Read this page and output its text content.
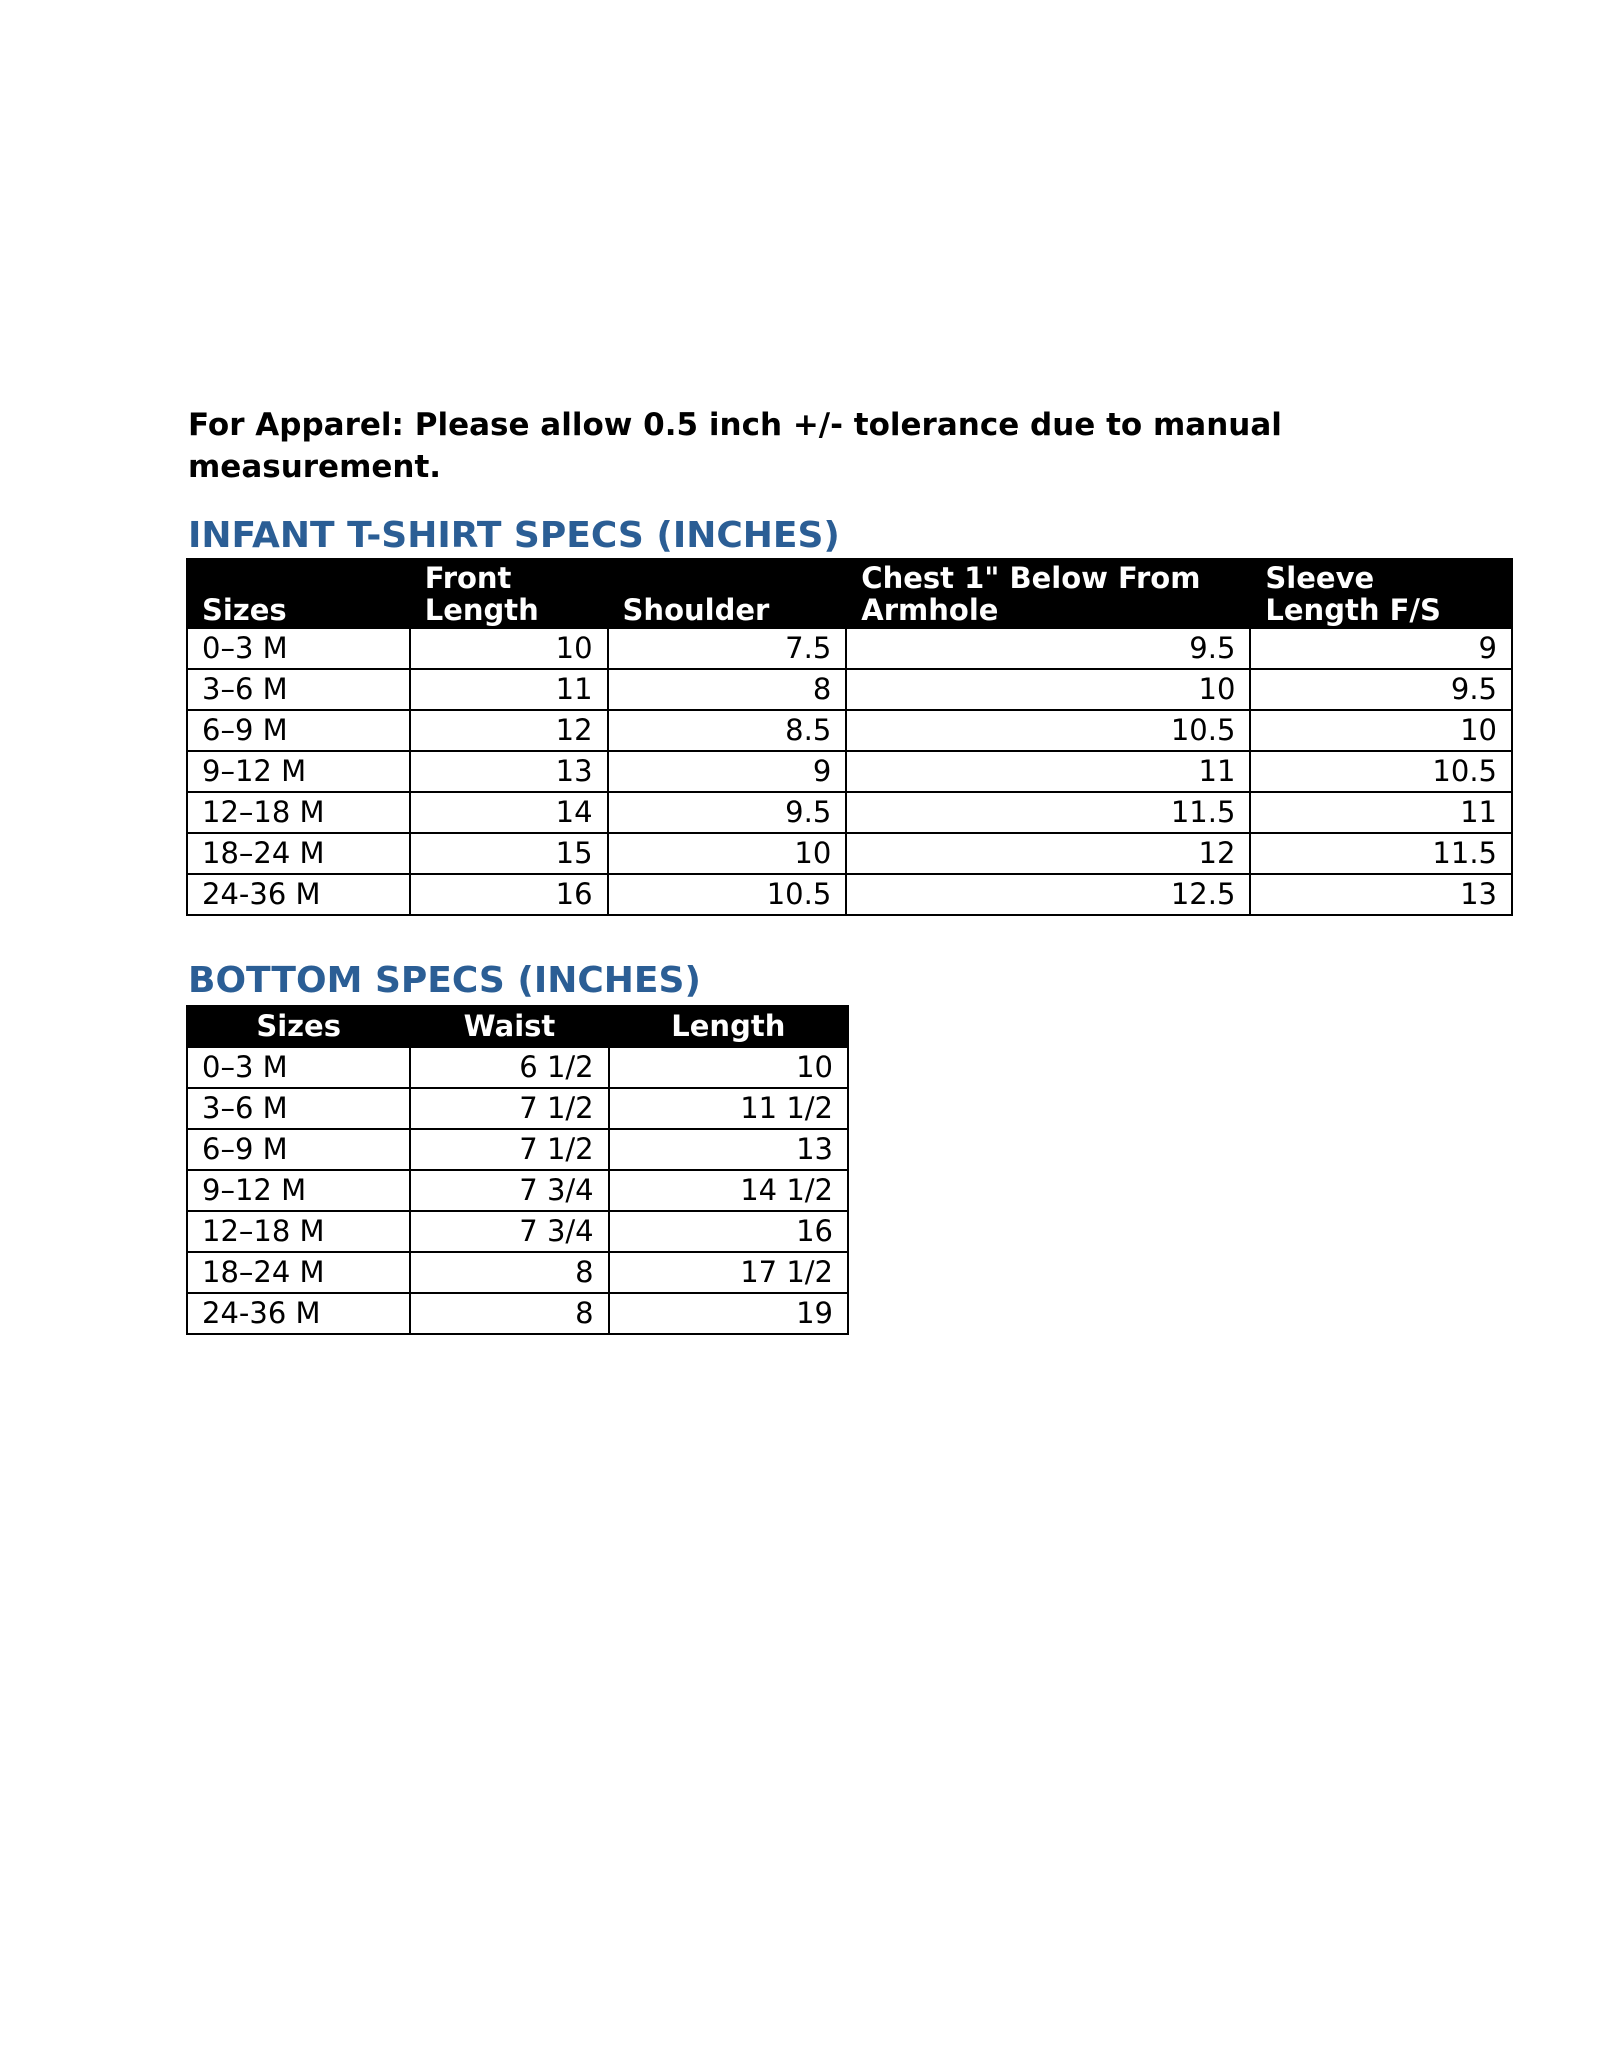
For Apparel: Please allow 0.5 inch +/- tolerance due to manual measurement.

INFANT T-SHIRT SPECS (INCHES)
Sizes	Front Length	Shoulder	Chest 1" Below From Armhole	Sleeve Length F/S
0–3 M	10	7.5	9.5	9
3–6 M	11	8	10	9.5
6–9 M	12	8.5	10.5	10
9–12 M	13	9	11	10.5
12–18 M	14	9.5	11.5	11
18–24 M	15	10	12	11.5
24-36 M	16	10.5	12.5	13
BOTTOM SPECS (INCHES)
Sizes	Waist	Length
0–3 M	6 1/2	10
3–6 M	7 1/2	11 1/2
6–9 M	7 1/2	13
9–12 M	7 3/4	14 1/2
12–18 M	7 3/4	16
18–24 M	8	17 1/2
24-36 M	8	19
